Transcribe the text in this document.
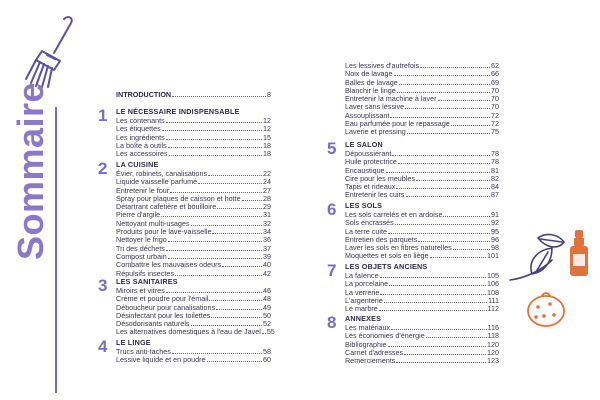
Sommaire	INTRODUCTION	8
1 LE NÉCESSAIRE INDISPENSABLE
Les contenants	12
Les étiquettes	12
Les ingrédients	15
La boîte à outils	18
Les accessoires	18
2 LA CUISINE
Évier, robinets, canalisations	22
Liquide vaisselle parfumé	24
Entretenir le four	27
Spray pour plaques de caisson et hotte	28
Détartrant cafetière et bouilloire	29
Pierre d'argile	31
Nettoyant multi-usages	32
Produits pour le lave-vaisselle	34
Nettoyer le frigo	36
Tri des déchets	37
Compost urbain	39
Combattre les mauvaises odeurs	40
Répulsifs insectes	42
3 LES SANITAIRES
Miroirs et vitres	46
Crème et poudre pour l'émail	48
Déboucheur pour canalisations	49
Désinfectant pour les toilettes	50
Désodorisants naturels	52
Les alternatives domestiques à l'eau de Javel 55
4 LE LINGE
Trucs anti-taches	58
Lessive liquide et en poudre	60
Les lessives d'autrefois	62
Noix de lavage	66
Balles de lavage	69
Blanchir le linge	70
Entretenir la machine à laver	70
Laver sans lessive	70
Assouplissant	72
Eau parfumée pour le repassage	72
Laverie et pressing	75
5 LE SALON
Dépoussiérant	78
Huile protectrice	78
Encaustique	81
Cire pour les meubles	82
Tapis et rideaux	84
Entretenir les cuirs	87
6 LES SOLS
Les sols carrelés et en ardoise	91
Sols encrassés	92
La terre cuite	95
Entretien des parquets	96
Laver les sols en fibres naturelles	98
Moquettes et sols en liège	101
7 LES OBJETS ANCIENS
La faïence	105
La porcelaine	106
La verrerie	108
L'argenterie	111
Le marbre	112
8 ANNEXES
Les matériaux	116
Les économies d'énergie	118
Bibliographie	120
Carnet d'adresses	120
Remerciements	123
